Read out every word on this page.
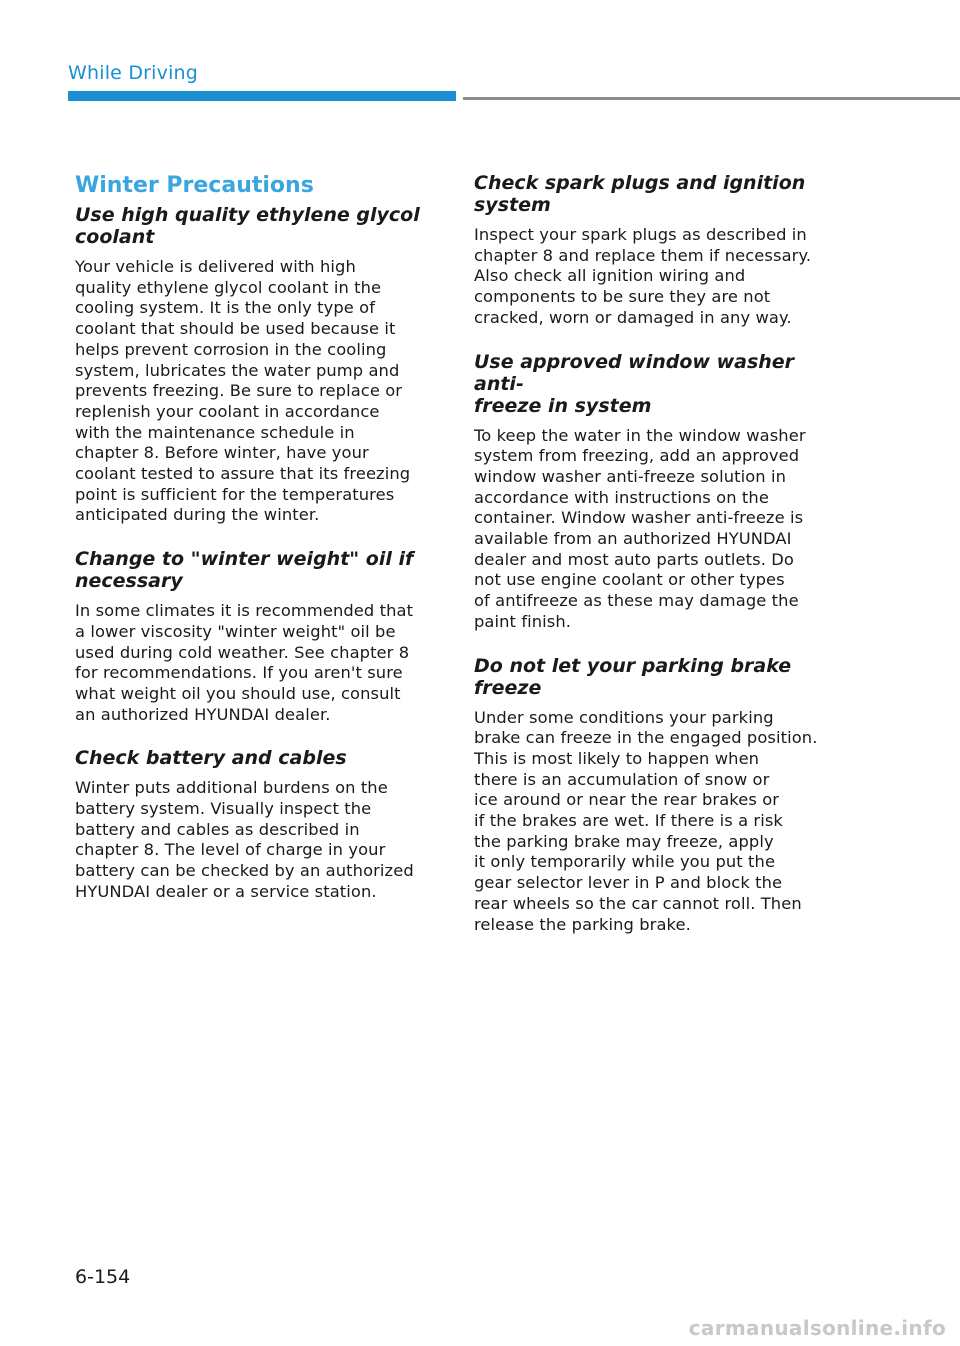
While Driving
Winter Precautions
Use high quality ethylene glycol
coolant
Your vehicle is delivered with high
quality ethylene glycol coolant in the
cooling system. It is the only type of
coolant that should be used because it
helps prevent corrosion in the cooling
system, lubricates the water pump and
prevents freezing. Be sure to replace or
replenish your coolant in accordance
with the maintenance schedule in
chapter 8. Before winter, have your
coolant tested to assure that its freezing
point is sufficient for the temperatures
anticipated during the winter.
Change to "winter weight" oil if
necessary
In some climates it is recommended that
a lower viscosity "winter weight" oil be
used during cold weather. See chapter 8
for recommendations. If you aren't sure
what weight oil you should use, consult
an authorized HYUNDAI dealer.
Check battery and cables
Winter puts additional burdens on the
battery system. Visually inspect the
battery and cables as described in
chapter 8. The level of charge in your
battery can be checked by an authorized
HYUNDAI dealer or a service station.
Check spark plugs and ignition
system
Inspect your spark plugs as described in
chapter 8 and replace them if necessary.
Also check all ignition wiring and
components to be sure they are not
cracked, worn or damaged in any way.
Use approved window washer anti-
freeze in system
To keep the water in the window washer
system from freezing, add an approved
window washer anti-freeze solution in
accordance with instructions on the
container. Window washer anti-freeze is
available from an authorized HYUNDAI
dealer and most auto parts outlets. Do
not use engine coolant or other types
of antifreeze as these may damage the
paint finish.
Do not let your parking brake freeze
Under some conditions your parking
brake can freeze in the engaged position.
This is most likely to happen when
there is an accumulation of snow or
ice around or near the rear brakes or
if the brakes are wet. If there is a risk
the parking brake may freeze, apply
it only temporarily while you put the
gear selector lever in P and block the
rear wheels so the car cannot roll. Then
release the parking brake.
6-154
carmanualsonline.info
